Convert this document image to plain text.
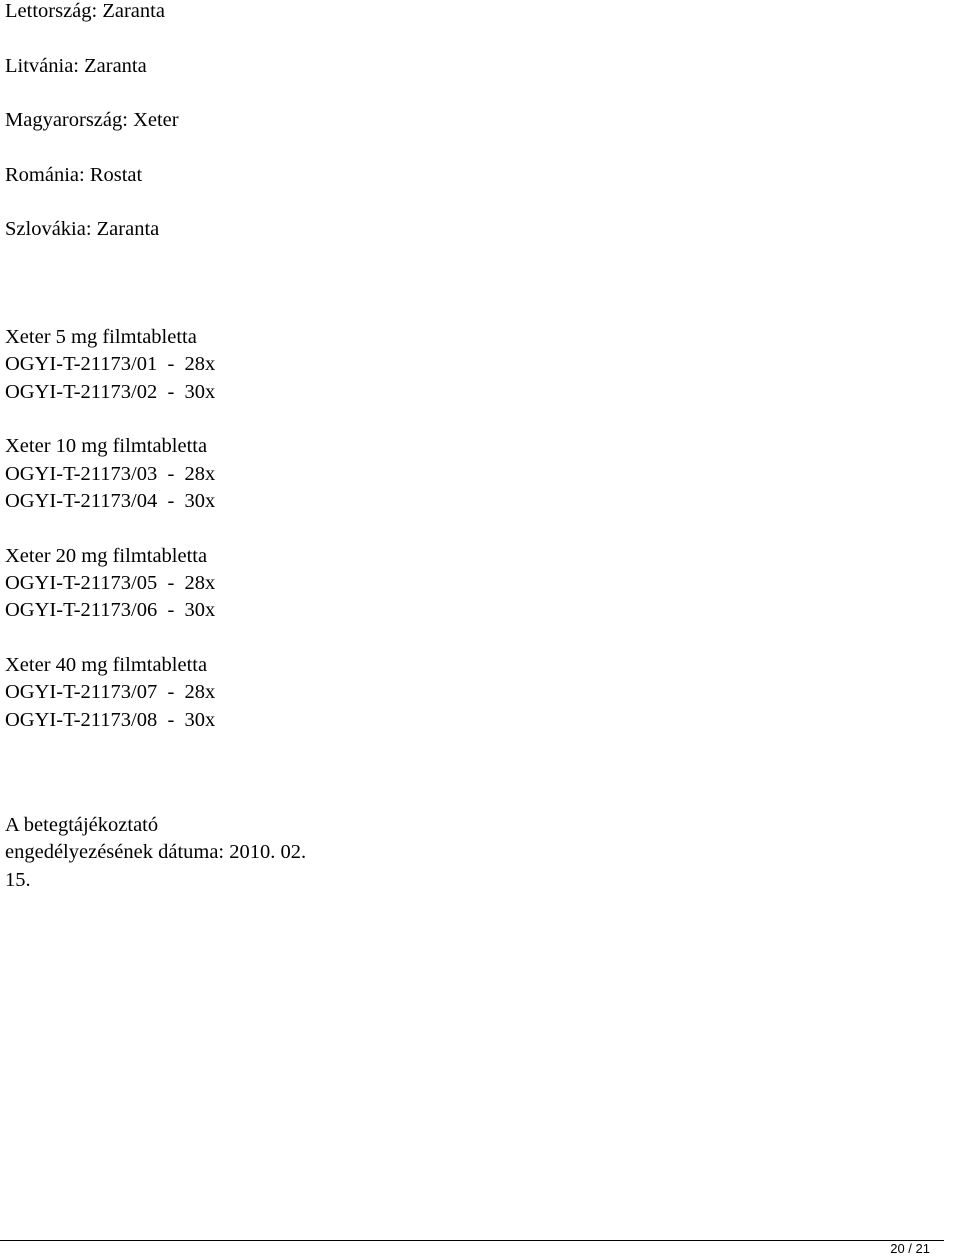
Lettország: Zaranta
Litvánia: Zaranta
Magyarország: Xeter
Románia: Rostat
Szlovákia: Zaranta
Xeter 5 mg filmtabletta
OGYI-T-21173/01  -  28x
OGYI-T-21173/02  -  30x
Xeter 10 mg filmtabletta
OGYI-T-21173/03  -  28x
OGYI-T-21173/04  -  30x
Xeter 20 mg filmtabletta
OGYI-T-21173/05  -  28x
OGYI-T-21173/06  -  30x
Xeter 40 mg filmtabletta
OGYI-T-21173/07  -  28x
OGYI-T-21173/08  -  30x
A betegtájékoztató
engedélyezésének dátuma: 2010. 02.
15.
20 / 21
